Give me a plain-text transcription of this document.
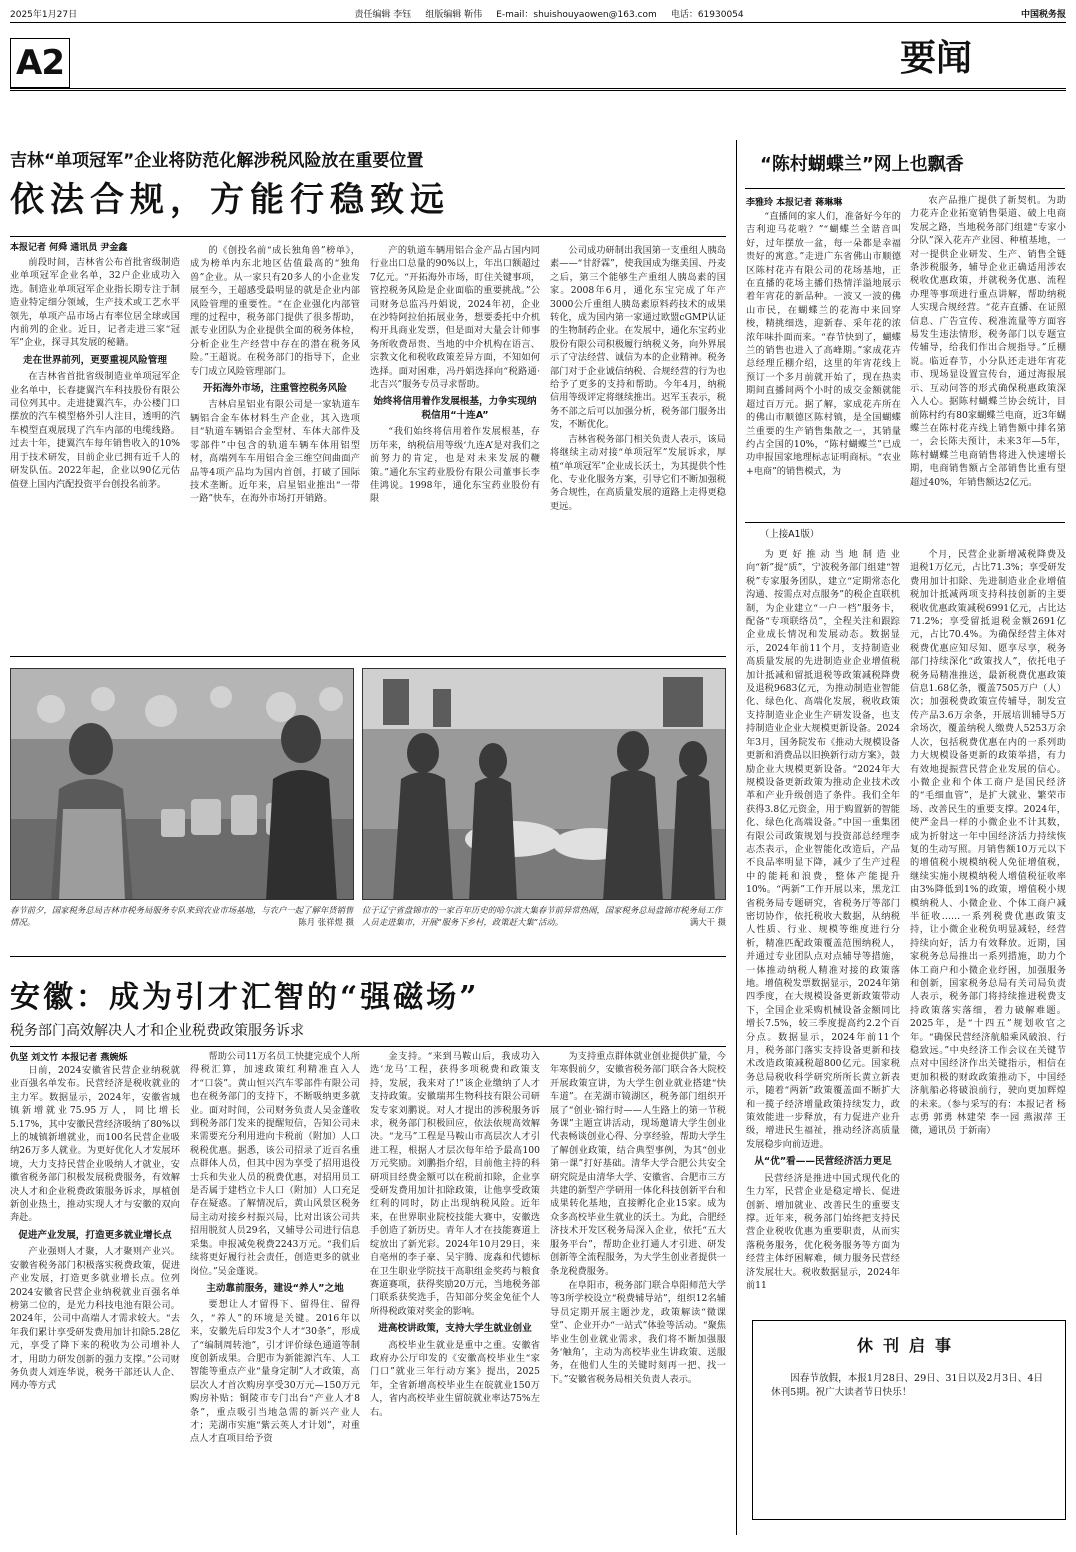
2025年1月27日	责任编辑 李钰 组版编辑 靳伟 E-mail：shuishouyaowen@163.com 电话：61930054	中国税务报
A2	要闻
吉林“单项冠军”企业将防范化解涉税风险放在重要位置
依法合规，方能行稳致远
本报记者 何舜 通讯员 尹金鑫

前段时间，吉林省公布首批省级制造业单项冠军企业名单，32户企业成功入选。制造业单项冠军企业指长期专注于制造业特定细分领域，生产技术或工艺水平领先，单项产品市场占有率位居全球或国内前列的企业。近日，记者走进三家“冠军”企业，探寻其发展的秘籍。

走在世界前列，更要重视风险管理

在吉林省首批省级制造业单项冠军企业名单中，长春捷翼汽车科技股份有限公司位列其中。走进捷翼汽车，办公楼门口摆放的汽车模型格外引人注目，透明的汽车模型直观展现了汽车内部的电缆线路。过去十年，捷翼汽车每年销售收入的10%用于技术研发，目前企业已拥有近千人的研发队伍。2022年起，企业以90亿元估值登上国内汽配投资平台创投名前茅。

的《创投名前“成长独角兽”榜单》，成为榜单内东北地区估值最高的“独角兽”企业。从一家只有20多人的小企业发展至今，王超感受最明显的就是企业内部风险管理的重要性。“在企业强化内部管理的过程中，税务部门提供了很多帮助，派专业团队为企业提供全面的税务体检，分析企业生产经营中存在的潜在税务风险。”王超说。在税务部门的指导下，企业专门成立风险管理部门。

开拓海外市场，注重管控税务风险

吉林启星铝业有限公司是一家轨道车辆铝合金车体材料生产企业，其入选项目“轨道车辆铝合金型材、车体大部件及零部件”中包含的轨道车辆车体用铝型材，高端列车车用铝合金三维空间曲面产品等4项产品均为国内首创，打破了国际技术垄断。近年来，启星铝业推出“一带一路”快车，在海外市场打开销路。

产的轨道车辆用铝合金产品占国内同行业出口总量的90%以上，年出口额超过7亿元。“开拓海外市场，盯住关键事项，管控税务风险是企业面临的重要挑战。”公司财务总监冯丹娟说，2024年初，企业在沙特阿拉伯拓展业务，想要委托中介机构开具商业发票，但是面对大量会计师事务所收费昂贵、当地的中介机构在语言、宗教文化和税收政策差异方面，不知如何选择。面对困难，冯丹娟选择向“税路通·北吉兴”服务专员寻求帮助。

始终将信用着作发展根基，力争实现纳税信用“十连A”

“我们始终将信用着作发展根基，存历年来，纳税信用等级‘九连A’是对我们之前努力的肯定，也是对未来发展的鞭策。”通化东宝药业股份有限公司董事长李佳鸿说。1998年，通化东宝药业股份有限

公司成功研制出我国第一支重组人胰岛素——“甘舒霖”，使我国成为继美国、丹麦之后，第三个能够生产重组人胰岛素的国家。2008年6月，通化东宝完成了年产3000公斤重组人胰岛素原料药技术的成果转化，成为国内第一家通过欧盟cGMP认证的生物制药企业。在发展中，通化东宝药业股份有限公司积极履行纳税义务，向外界展示了守法经营、诚信为本的企业精神。税务部门对于企业诚信纳税、合规经营的行为也给予了更多的支持和帮助。今年4月，纳税信用等级评定将继续推出。迟军玉表示，税务不部之后可以加强分析，税务部门服务出发，不断优化。

吉林省税务部门相关负责人表示，该局将继续主动对接“单项冠军”发展诉求，厚植“单项冠军”企业成长沃土，为其提供个性化、专业化服务方案，引导它们不断加强税务合规性，在高质量发展的道路上走得更稳更远。

“陈村蝴蝶兰”网上也飘香
李雅玲 本报记者 蒋琳琳

“直播间的家人们，准备好今年的吉利迎马花啦？”“蝴蝶兰全谐音叫好，过年摆放一盆，每一朵都是幸福贵好的寓意。”走进广东省佛山市顺德区陈村花卉有限公司的花场基地，正在直播的花场主播们热情洋溢地展示着年宵花的新品种。一波又一波的佛山市民，在蝴蝶兰的花海中来回穿梭，精挑细选，迎新春、采年花的浓浓年味扑面而来。“春节快到了，蝴蝶兰的销售也进入了高峰期。”家成花卉总经理丘棚介绍，这里的年宵花线上预订一个多月前就开始了，现在热卖期间直播间两个小时的成交金额就能超过百万元。据了解，家成花卉所在的佛山市顺德区陈村镇，是全国蝴蝶兰重要的生产销售集散之一，其销量约占全国的10%，“陈村蝴蝶兰”已成功申报国家地理标志证明商标。“农业+电商”的销售模式，为

农产品推广提供了新契机。为助力花卉企业拓宽销售渠道、破上电商发展之路，当地税务部门组建“专家小分队”深入花卉产业园、种植基地，一对一提供企业研发、生产、销售全链条涉税服务，辅导企业正确适用涉农税收优惠政策，并就税务优惠、流程办理等事项进行重点讲解，帮助纳税人实现合规经营。“花卉直播、在证照信息、广告宣传、税准流量等方面容易发生违法情形，税务部门以专题宣传辅导，给我们作出合规指导。”丘棚说。临近春节，小分队还走进年宵花市、现场显设置宣传台，通过海报展示、互动问答的形式确保税惠政策深入人心。据陈村蝴蝶兰协会统计，目前陈村约有80家蝴蝶兰电商，近3年蝴蝶兰在陈村花卉线上销售额中排名第一，会长陈夫预计，未来3年—5年，陈村蝴蝶兰电商销售将进入快速增长期，电商销售额占全部销售比重有望超过40%，年销售额达2亿元。

（上接A1版）

为更好推动当地制造业向“新”提“质”，宁波税务部门组建“智税”专家服务团队，建立“定期常态化沟通、按需点对点服务”的税企直联机制，为企业建立“一户一档”服务卡，配备“专项联络员”，全程关注和跟踪企业成长情况和发展动态。数据显示，2024年前11个月，支持制造业高质量发展的先进制造业企业增值税加计抵减和留抵退税等政策减税降费及退税9683亿元，为推动制造业智能化、绿色化、高端化发展，税收政策支持制造业企业生产研发设备，也支持制造业企业大规模更新设备。2024年3月，国务院发布《推动大规模设备更新和消费品以旧换新行动方案》，鼓励企业大规模更新设备。“2024年大规模设备更新政策为推动企业技术改革和产业升级创造了条件。我们全年获得3.8亿元资金，用于购置新的智能化、绿色化高端设备。”中国一重集团有限公司政策规划与投资部总经理李志杰表示，企业智能化改造后，产品不良品率明显下降，减少了生产过程中的能耗和浪费，整体产能提升10%。“两新”工作开展以来，黑龙江省税务局专题研究，省税务厅等部门密切协作，依托税收大数据，从纳税人性质、行业、规模等维度进行分析，精准匹配政策覆盖范围纳税人，并通过专业团队点对点辅导等措施，一体推动纳税人精准对接的政策落地。增值税发票数据显示，2024年第四季度，在大规模设备更新政策带动下，全国企业采购机械设备金额同比增长7.5%，较三季度提高约2.2个百分点。数据显示，2024年前11个月，税务部门落实支持设备更新和技术改造政策减税超800亿元。国家税务总局税收科学研究所所长黄立新表示，随着“两新”政策覆盖面不断扩大和一揽子经济增量政策持续发力，政策效能进一步释放，有力促进产业升级，增进民生福祉，推动经济高质量发展稳步向前迈进。

从“优”看——民营经济活力更足

民营经济是推进中国式现代化的生力军，民营企业是稳定增长、促进创新、增加就业、改善民生的重要支撑。近年来，税务部门始终把支持民营企业税收优惠为重要职责，从而实落税务服务，优化税务服务等方面为经营主体纾困解难，倾力服务民营经济发展壮大。税收数据显示，2024年前11

个月，民营企业新增减税降费及退税1万亿元，占比71.3%；享受研发费用加计扣除、先进制造业企业增值税加计抵减两项支持科技创新的主要税收优惠政策减税6991亿元，占比达71.2%；享受留抵退税金额2691亿元，占比70.4%。为确保经营主体对税费优惠应知尽知、愿享尽享，税务部门持续深化“政策找人”，依托电子税务局精准推送，最新税费优惠政策信息1.68亿条，覆盖7505万户（人）次；加强税费政策宣传辅导，制发宣传产品3.6万余条，开展培训辅导5万余场次，覆盖纳税人缴费人5253万余人次，包括税费优惠在内的一系列助力大规模设备更新的政策举措，有力有效地提振营民营企业发展的信心。小微企业和个体工商户是国民经济的“毛细血管”，是扩大就业、繁荣市场、改善民生的重要支撑。2024年，使严金昌一样的小微企业不计其数，成为折射这一年中国经济活力持续恢复的生动写照。月销售额10万元以下的增值税小规模纳税人免征增值税，继续实施小规模纳税人增值税征收率由3%降低到1%的政策，增值税小规模纳税人、小微企业、个体工商户减半征收……一系列税费优惠政策支持，让小微企业税负明显减轻，经营持续向好，活力有效释放。近期，国家税务总局推出一系列措施，助力个体工商户和小微企业纾困，加强服务和创新，国家税务总局有关司局负责人表示，税务部门将持续推进税费支持政策落实落细，着力破解难题。2025年，是“十四五”规划收官之年。“确保民营经济航船乘风破浪、行稳致远。”中央经济工作会议在关键节点对中国经济作出关键指示，相信在更加积极的财政政策推动下，中国经济航船必将破浪前行，驶向更加辉煌的未来。（参与采写的有：本报记者 杨志勇 郭勇 林建荣 李一园 燕淑萍 王微，通讯员 于新南）

休刊启事
因春节放假，本报1月28日、29日、31日以及2月3日、4日休刊5期。祝广大读者节日快乐！
春节前夕，国家税务总局吉林市税务局服务专队来到农业市场基地，与农户一起了解年货销售情况。	陈月 张祥煜 摄
位于辽宁省盘锦市的一家百年历史的哈尔滨大集春节前异常热闹，国家税务总局盘锦市税务局工作人员走进集市，开展“服务下乡村，政策赶大集”活动。	满大干 摄
安徽：成为引才汇智的“强磁场”
税务部门高效解决人才和企业税费政策服务诉求
仇坚 刘文竹 本报记者 燕婉烁

日前，2024安徽省民营企业纳税就业百强名单发布。民营经济是税收就业的主力军。数据显示，2024年，安徽省城镇新增就业75.95万人，同比增长5.17%，其中安徽民营经济吸纳了80%以上的城镇新增就业，而100名民营企业吸纳26万多人就业。为更好优化人才发展环境，大力支持民营企业吸纳人才就业，安徽省税务部门积极发展税费服务，有效解决人才和企业税费政策服务诉求，厚植创新创业热土，推动实现人才与安徽的双向奔赴。

促进产业发展，打造更多就业增长点

产业强则人才聚，人才聚则产业兴。安徽省税务部门积极落实税费政策，促进产业发展，打造更多就业增长点。位列2024安徽省民营企业纳税就业百强名单榜第二位的，是光力科技电池有限公司。2024年，公司中高端人才需求较大。“去年我们累计享受研发费用加计扣除5.28亿元，享受了降下来的税收为公司增补人才，用助力研发创新的强力支撑。”公司财务负责人刘连华说，税务干部还认人企、网办等方式

帮助公司11万名员工快捷完成个人所得税汇算，加速政策红利精准直入人才“口袋”。黄山恒兴汽车零部件有限公司也在税务部门的支持下，不断吸纳更多就业。面对时间，公司财务负责人吴金蓬收到税务部门发来的提醒短信，告知公司未来需要充分利用进向卡税前（附加）人口税税优惠。据悉，该公司招录了近百名重点群体人员，但其中因为享受了招用退役士兵和失业人员的税费优惠，对招用员工是否属于建档立卡人口（附加）人口充足存在疑惑。了解情况后，黄山风景区税务局主动对接乡村振兴局，比对出该公司共招用脱贫人员29名，又辅导公司进行信息采集。申报减免税费2243万元。“我们后续将更好履行社会责任，创造更多的就业岗位。”吴金蓬说。

主动靠前服务，建设“养人”之地

要想让人才留得下、留得住、留得久，“养人”的环境是关键。2016年以来，安徽先后印发3个人才“30条”，形成了“编制周转池”，引才评价绿色通道等制度创新成果。合肥市为新能源汽车、人工智能等重点产业“量身定制”人才政策，高层次人才首次购房享受30万元—150万元购房补贴；铜陵市专门出台“产业人才8条”，重点吸引当地急需的新兴产业人才；芜湖市实施“紫云英人才计划”，对重点人才直项目给予资

金支持。“来到马鞍山后，我成功入选‘龙马’工程，获得多项税费和政策支持，发展，我来对了!”该企业缴纳了人才支持政策。安徽瑞邦生物科技有限公司研发专家刘鹏说。对人才提出的涉税服务诉求，税务部门积极回应，依法依规高效解决。“龙马”工程是马鞍山市高层次人才引进工程，根据人才层次每年给予最高100万元奖励。刘鹏指介绍，目前他主持的科研项目经费金额可以在税前扣除，企业享受研发费用加计扣除政策，让他享受政策红利的同时，防止出现纳税风险。近年来，在世界职业院校技能大赛中，安徽选手创造了新历史。青年人才在技能赛道上绽放出了新光彩。2024年10月29日，来自亳州的李子豪、吴宇腾、庞淼和代德标在卫生职业学院技干高职组金奖药与粮食赛道赛项，获得奖励20万元，当地税务部门联系获奖选手，告知部分奖金免征个人所得税政策对奖金的影响。

进高校讲政策，支持大学生就业创业

高校毕业生就业是重中之重。安徽省政府办公厅印发的《安徽高校毕业生“家门口”就业三年行动方案》提出，2025年，全省新增高校毕业生在皖就业150万人，省内高校毕业生留皖就业率达75%左右。

为支持重点群体就业创业提供扩量，今年寒假前夕，安徽省税务部门联合各大院校开展政策宣讲，为大学生创业就业搭建“快车道”。在芜湖市镜湖区，税务部门组织开展了“创业·锦行时——人生路上的第一节税务课”主题宣讲活动，现场邀请大学生创业代表畅谈创业心得、分享经验，帮助大学生了解创业政策，结合典型事例，为其“创业第一课”打好基础。清华大学合肥公共安全研究院是由清华大学、安徽省、合肥市三方共建的新型产学研用一体化科技创新平台和成果转化基地，直接孵化企业15家。成为众多高校毕业生就业的沃土。为此，合肥经济技术开发区税务局深入企业，依托“五大服务平台”，帮助企业打通人才引进、研发创新等全流程服务，为大学生创业者提供一条龙税费服务。

在阜阳市，税务部门联合阜阳师范大学等3所学校设立“税费辅导站”，组织12名辅导员定期开展主题沙龙，政策解读“微课堂”、企业开办“一站式”体验等活动。“聚焦毕业生创业就业需求，我们将不断加强服务‘触角’，主动为高校毕业生讲政策、送服务，在他们人生的关键时刻再一把、找一下。”安徽省税务局相关负责人表示。
